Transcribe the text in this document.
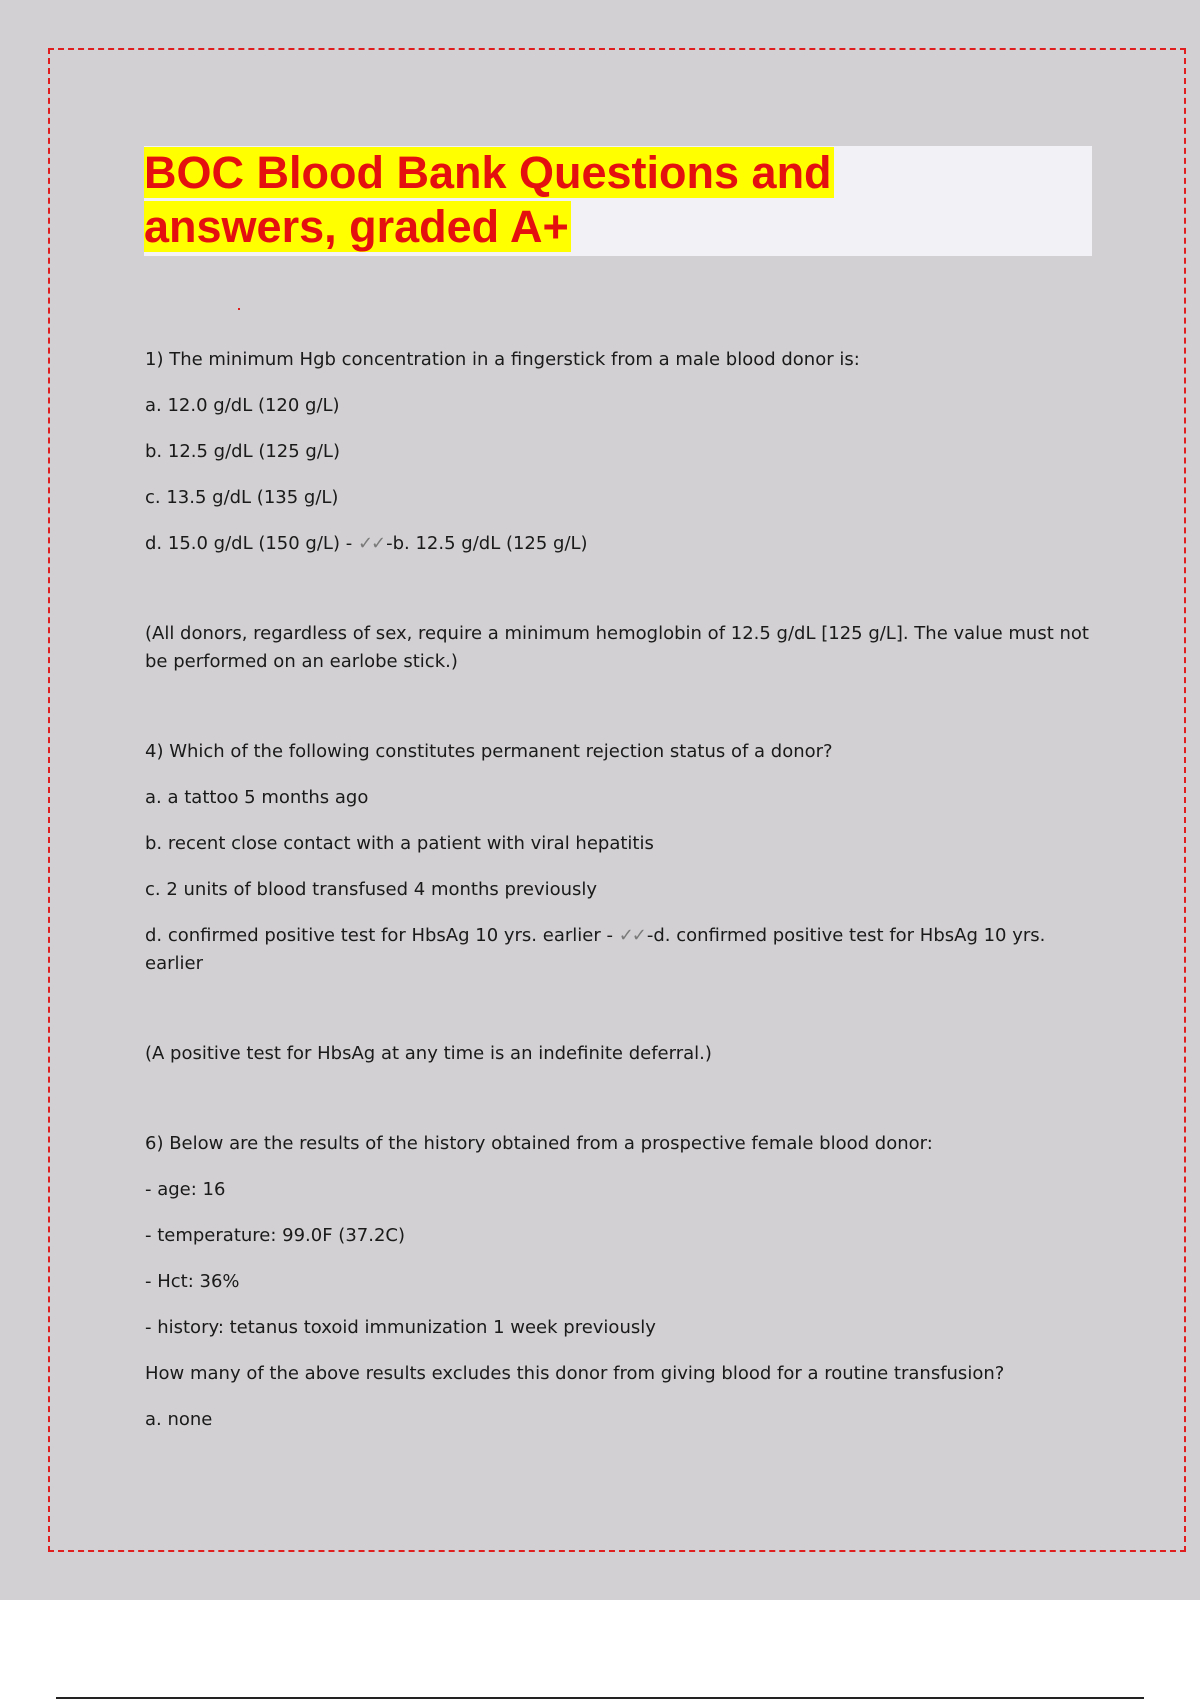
BOC Blood Bank Questions and answers, graded A+

1) The minimum Hgb concentration in a fingerstick from a male blood donor is:

a. 12.0 g/dL (120 g/L)

b. 12.5 g/dL (125 g/L)

c. 13.5 g/dL (135 g/L)

d. 15.0 g/dL (150 g/L) - ✓✓ -b. 12.5 g/dL (125 g/L)

(All donors, regardless of sex, require a minimum hemoglobin of 12.5 g/dL [125 g/L]. The value must not be performed on an earlobe stick.)

4) Which of the following constitutes permanent rejection status of a donor?

a. a tattoo 5 months ago

b. recent close contact with a patient with viral hepatitis

c. 2 units of blood transfused 4 months previously

d. confirmed positive test for HbsAg 10 yrs. earlier - ✓✓ -d. confirmed positive test for HbsAg 10 yrs. earlier

(A positive test for HbsAg at any time is an indefinite deferral.)

6) Below are the results of the history obtained from a prospective female blood donor:

- age: 16

- temperature: 99.0F (37.2C)

- Hct: 36%

- history: tetanus toxoid immunization 1 week previously

How many of the above results excludes this donor from giving blood for a routine transfusion?

a. none
